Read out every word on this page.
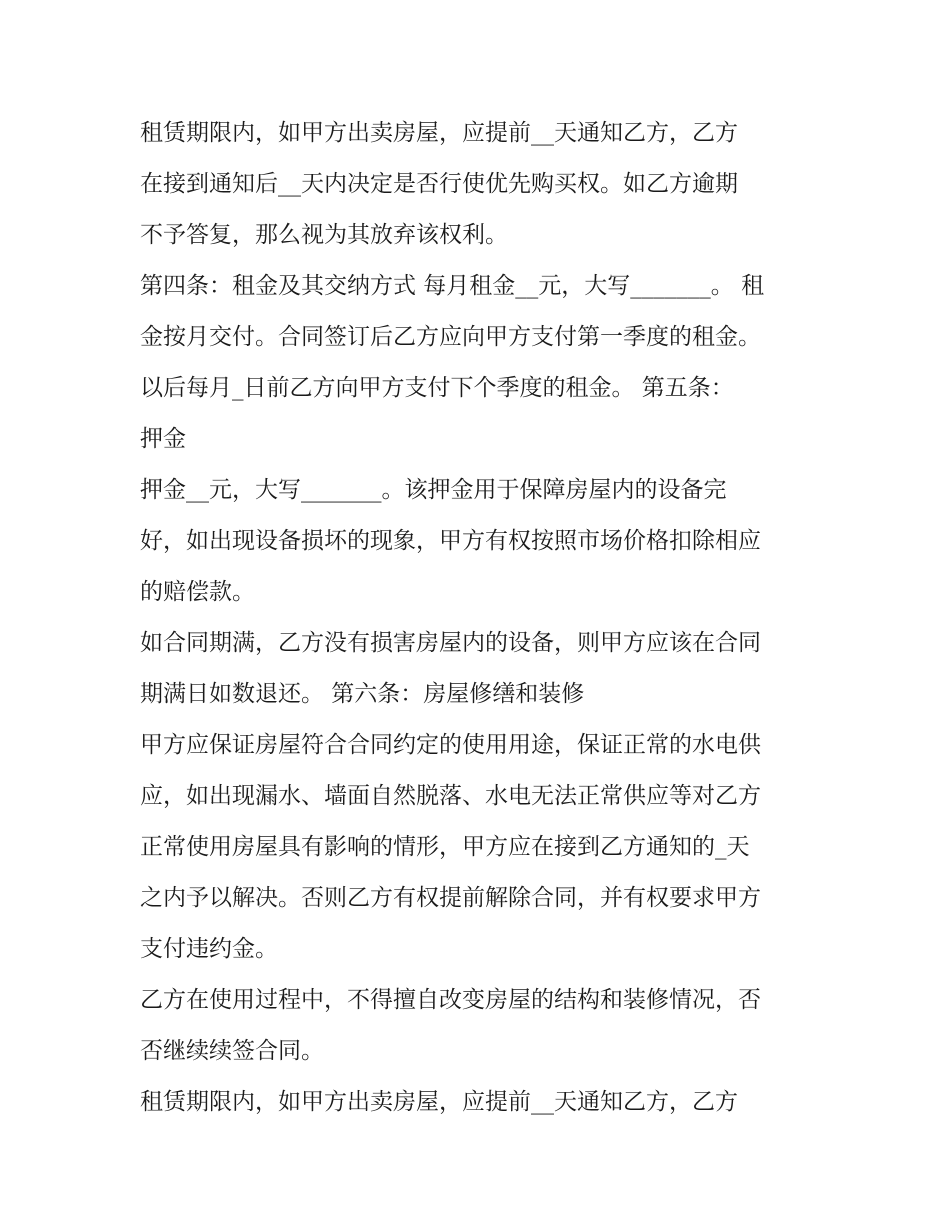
租赁期限内，如甲方出卖房屋，应提前__天通知乙方，乙方
在接到通知后__天内决定是否行使优先购买权。如乙方逾期
不予答复，那么视为其放弃该权利。
第四条：租金及其交纳方式 每月租金__元，大写_______。 租
金按月交付。合同签订后乙方应向甲方支付第一季度的租金。
以后每月_日前乙方向甲方支付下个季度的租金。 第五条：
押金
押金__元，大写_______。该押金用于保障房屋内的设备完
好，如出现设备损坏的现象，甲方有权按照市场价格扣除相应
的赔偿款。
如合同期满，乙方没有损害房屋内的设备，则甲方应该在合同
期满日如数退还。 第六条：房屋修缮和装修
甲方应保证房屋符合合同约定的使用用途，保证正常的水电供
应，如出现漏水、墙面自然脱落、水电无法正常供应等对乙方
正常使用房屋具有影响的情形，甲方应在接到乙方通知的_天
之内予以解决。否则乙方有权提前解除合同，并有权要求甲方
支付违约金。
乙方在使用过程中，不得擅自改变房屋的结构和装修情况，否
否继续续签合同。
租赁期限内，如甲方出卖房屋，应提前__天通知乙方，乙方
